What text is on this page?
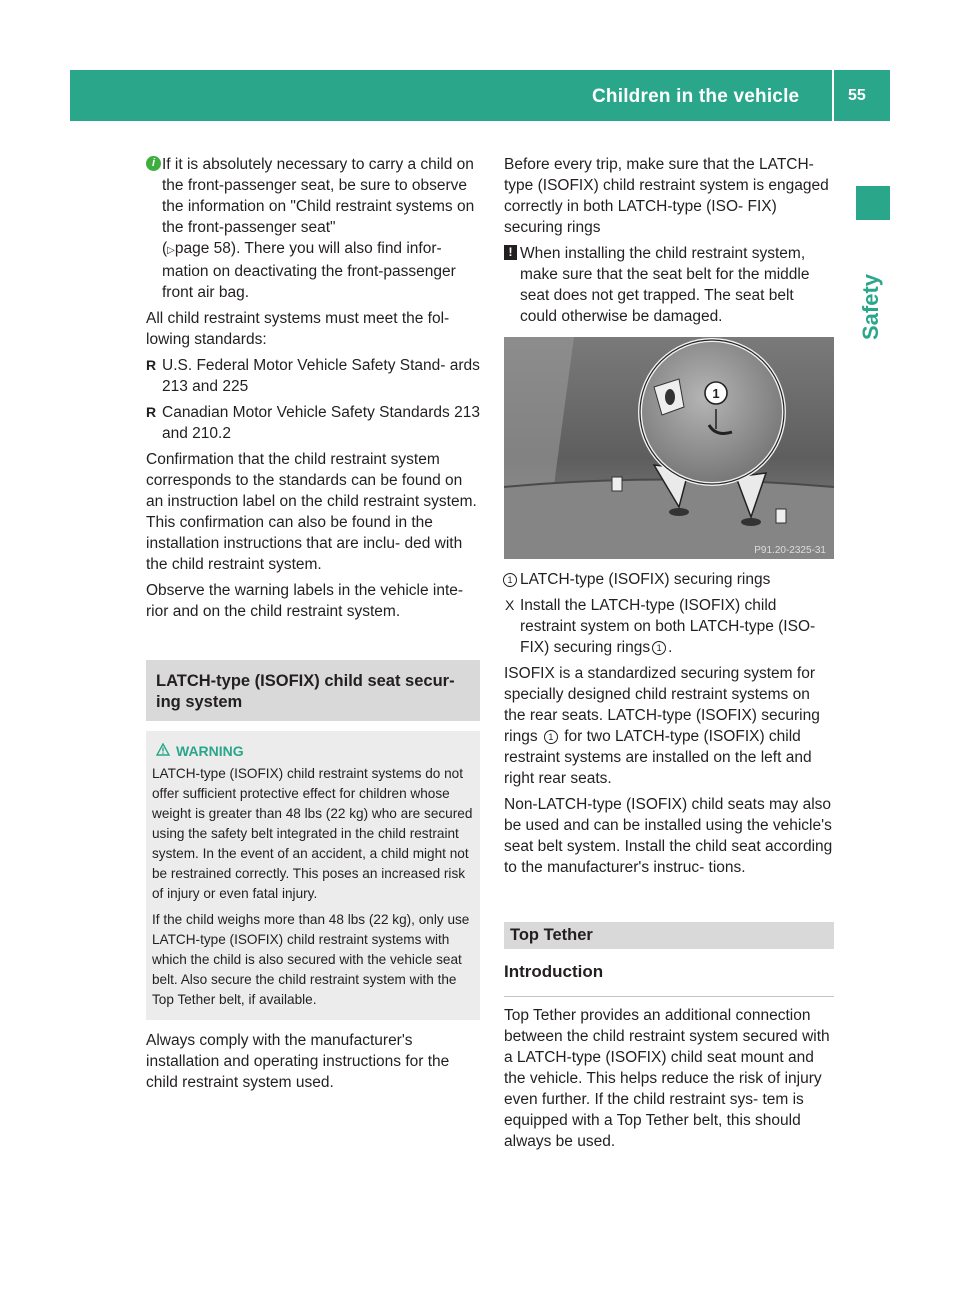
Children in the vehicle	55
Safety

i If it is absolutely necessary to carry a child on the front-passenger seat, be sure to observe the information on "Child restraint systems on the front-passenger seat"
(▷page 58). There you will also find infor- mation on deactivating the front-passenger front air bag.

All child restraint systems must meet the fol- lowing standards:

R U.S. Federal Motor Vehicle Safety Stand- ards 213 and 225
R Canadian Motor Vehicle Safety Standards 213 and 210.2

Confirmation that the child restraint system corresponds to the standards can be found on an instruction label on the child restraint system. This confirmation can also be found in the installation instructions that are inclu- ded with the child restraint system.

Observe the warning labels in the vehicle inte- rior and on the child restraint system.

LATCH-type (ISOFIX) child seat secur- ing system
WARNING

LATCH-type (ISOFIX) child restraint systems do not offer sufficient protective effect for children whose weight is greater than 48 lbs (22 kg) who are secured using the safety belt integrated in the child restraint system. In the event of an accident, a child might not be restrained correctly. This poses an increased risk of injury or even fatal injury.

If the child weighs more than 48 lbs (22 kg), only use LATCH-type (ISOFIX) child restraint systems with which the child is also secured with the vehicle seat belt. Also secure the child restraint system with the Top Tether belt, if available.

Always comply with the manufacturer's installation and operating instructions for the child restraint system used.

Before every trip, make sure that the LATCH- type (ISOFIX) child restraint system is engaged correctly in both LATCH-type (ISO- FIX) securing rings

! When installing the child restraint system, make sure that the seat belt for the middle seat does not get trapped. The seat belt could otherwise be damaged.

1
P91.20-2325-31

1 LATCH-type (ISOFIX) securing rings

X Install the LATCH-type (ISOFIX) child restraint system on both LATCH-type (ISO- FIX) securing rings 1 .

ISOFIX is a standardized securing system for specially designed child restraint systems on the rear seats. LATCH-type (ISOFIX) securing rings 1 for two LATCH-type (ISOFIX) child restraint systems are installed on the left and right rear seats.

Non-LATCH-type (ISOFIX) child seats may also be used and can be installed using the vehicle's seat belt system. Install the child seat according to the manufacturer's instruc- tions.

Top Tether
Introduction

Top Tether provides an additional connection between the child restraint system secured with a LATCH-type (ISOFIX) child seat mount and the vehicle. This helps reduce the risk of injury even further. If the child restraint sys- tem is equipped with a Top Tether belt, this should always be used.
